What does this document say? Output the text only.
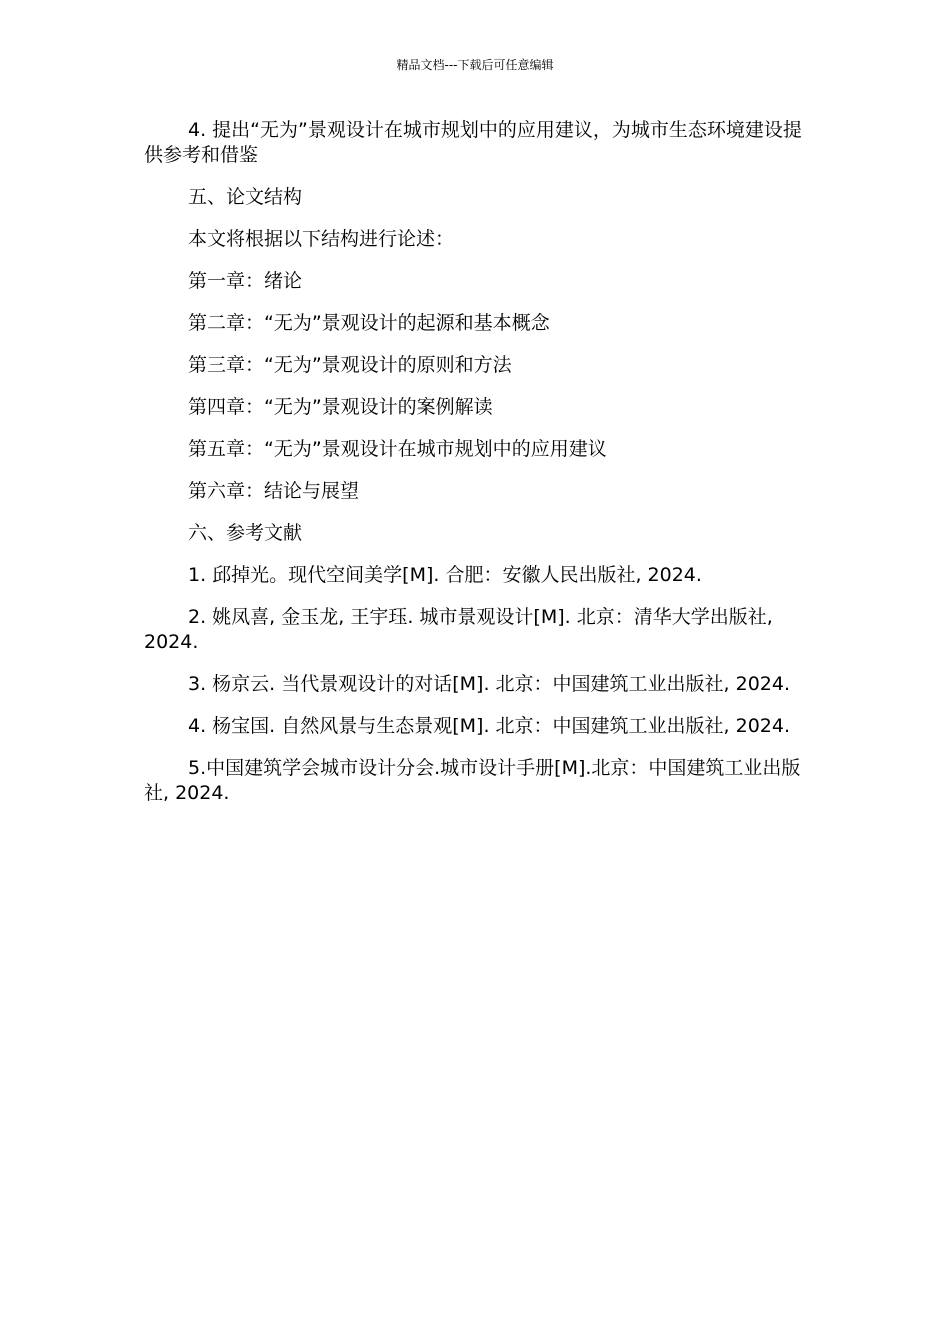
精品文档---下载后可任意编辑

4. 提出“无为”景观设计在城市规划中的应用建议，为城市生态环境建设提供参考和借鉴

五、论文结构

本文将根据以下结构进行论述：

第一章：绪论

第二章：“无为”景观设计的起源和基本概念

第三章：“无为”景观设计的原则和方法

第四章：“无为”景观设计的案例解读

第五章：“无为”景观设计在城市规划中的应用建议

第六章：结论与展望

六、参考文献

1. 邱掉光。现代空间美学[M]. 合肥：安徽人民出版社, 2024.

2. 姚凤喜, 金玉龙, 王宇珏. 城市景观设计[M]. 北京：清华大学出版社, 2024.

3. 杨京云. 当代景观设计的对话[M]. 北京：中国建筑工业出版社, 2024.

4. 杨宝国. 自然风景与生态景观[M]. 北京：中国建筑工业出版社, 2024.

5.中国建筑学会城市设计分会.城市设计手册[M].北京：中国建筑工业出版社, 2024.
